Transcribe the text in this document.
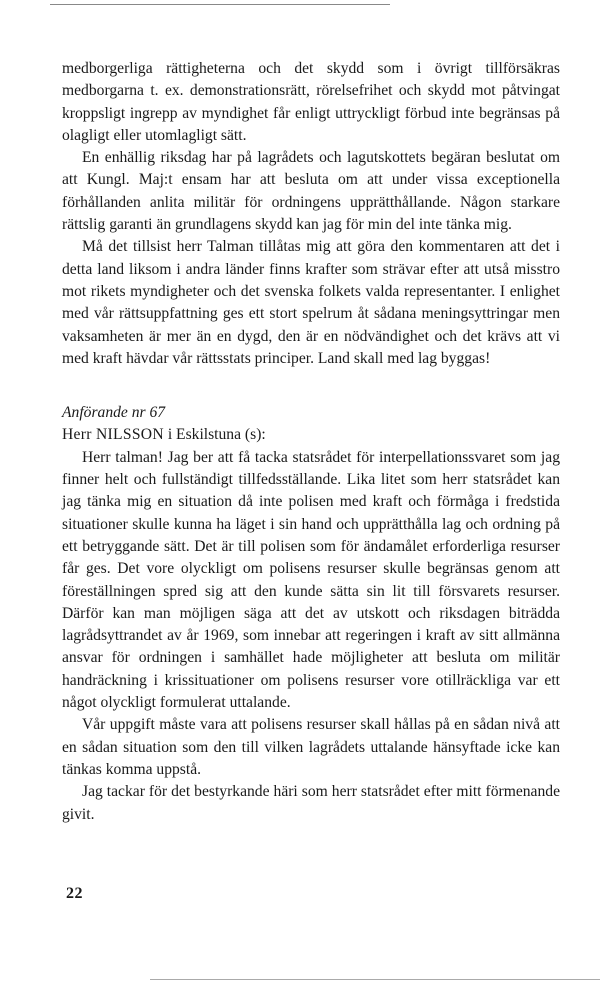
medborgerliga rättigheterna och det skydd som i övrigt tillförsäkras medborgarna t. ex. demonstrationsrätt, rörelsefrihet och skydd mot påtvingat kroppsligt ingrepp av myndighet får enligt uttryckligt förbud inte begränsas på olagligt eller utomlagligt sätt.

En enhällig riksdag har på lagrådets och lagutskottets begäran beslutat om att Kungl. Maj:t ensam har att besluta om att under vissa exceptionella förhållanden anlita militär för ordningens upprätthållande. Någon starkare rättslig garanti än grundlagens skydd kan jag för min del inte tänka mig.

Må det tillsist herr Talman tillåtas mig att göra den kommentaren att det i detta land liksom i andra länder finns krafter som strävar efter att utså misstro mot rikets myndigheter och det svenska folkets valda representanter. I enlighet med vår rättsuppfattning ges ett stort spelrum åt sådana meningsyttringar men vaksamheten är mer än en dygd, den är en nödvändighet och det krävs att vi med kraft hävdar vår rättsstats principer. Land skall med lag byggas!

Anförande nr 67

Herr NILSSON i Eskilstuna (s):

Herr talman! Jag ber att få tacka statsrådet för interpellationssvaret som jag finner helt och fullständigt tillfedsställande. Lika litet som herr statsrådet kan jag tänka mig en situation då inte polisen med kraft och förmåga i fredstida situationer skulle kunna ha läget i sin hand och upprätthålla lag och ordning på ett betryggande sätt. Det är till polisen som för ändamålet erforderliga resurser får ges. Det vore olyckligt om polisens resurser skulle begränsas genom att föreställningen spred sig att den kunde sätta sin lit till försvarets resurser. Därför kan man möjligen säga att det av utskott och riksdagen biträdda lagrådsyttrandet av år 1969, som innebar att regeringen i kraft av sitt allmänna ansvar för ordningen i samhället hade möjligheter att besluta om militär handräckning i krissituationer om polisens resurser vore otillräckliga var ett något olyckligt formulerat uttalande.

Vår uppgift måste vara att polisens resurser skall hållas på en sådan nivå att en sådan situation som den till vilken lagrådets uttalande hänsyftade icke kan tänkas komma uppstå.

Jag tackar för det bestyrkande häri som herr statsrådet efter mitt förmenande givit.

22
